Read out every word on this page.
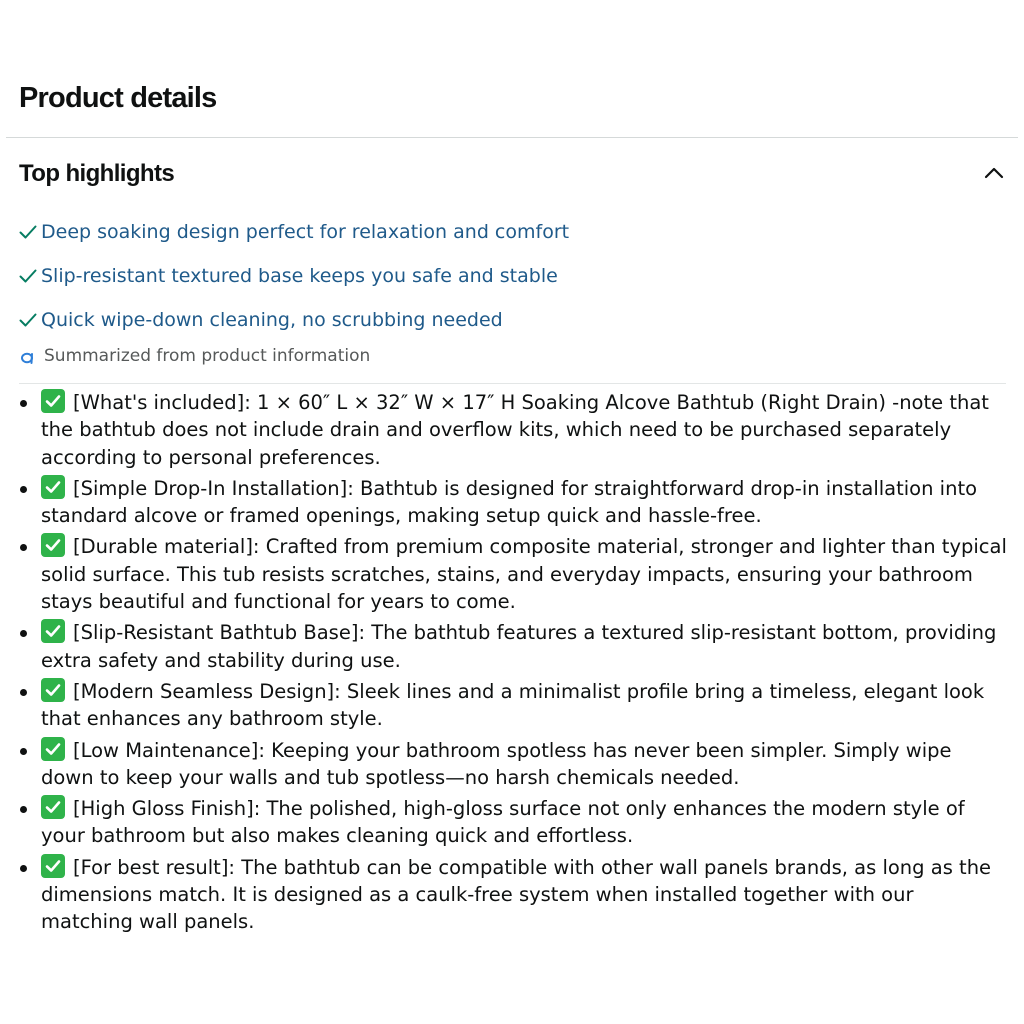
Product details
Top highlights
Deep soaking design perfect for relaxation and comfort
Slip-resistant textured base keeps you safe and stable
Quick wipe-down cleaning, no scrubbing needed
Summarized from product information
[What's included]: 1 × 60″ L × 32″ W × 17″ H Soaking Alcove Bathtub (Right Drain) -note that the bathtub does not include drain and overflow kits, which need to be purchased separately according to personal preferences.
[Simple Drop-In Installation]: Bathtub is designed for straightforward drop-in installation into standard alcove or framed openings, making setup quick and hassle-free.
[Durable material]: Crafted from premium composite material, stronger and lighter than typical solid surface. This tub resists scratches, stains, and everyday impacts, ensuring your bathroom stays beautiful and functional for years to come.
[Slip-Resistant Bathtub Base]: The bathtub features a textured slip-resistant bottom, providing extra safety and stability during use.
[Modern Seamless Design]: Sleek lines and a minimalist profile bring a timeless, elegant look that enhances any bathroom style.
[Low Maintenance]: Keeping your bathroom spotless has never been simpler. Simply wipe down to keep your walls and tub spotless—no harsh chemicals needed.
[High Gloss Finish]: The polished, high-gloss surface not only enhances the modern style of your bathroom but also makes cleaning quick and effortless.
[For best result]: The bathtub can be compatible with other wall panels brands, as long as the dimensions match. It is designed as a caulk-free system when installed together with our matching wall panels.
